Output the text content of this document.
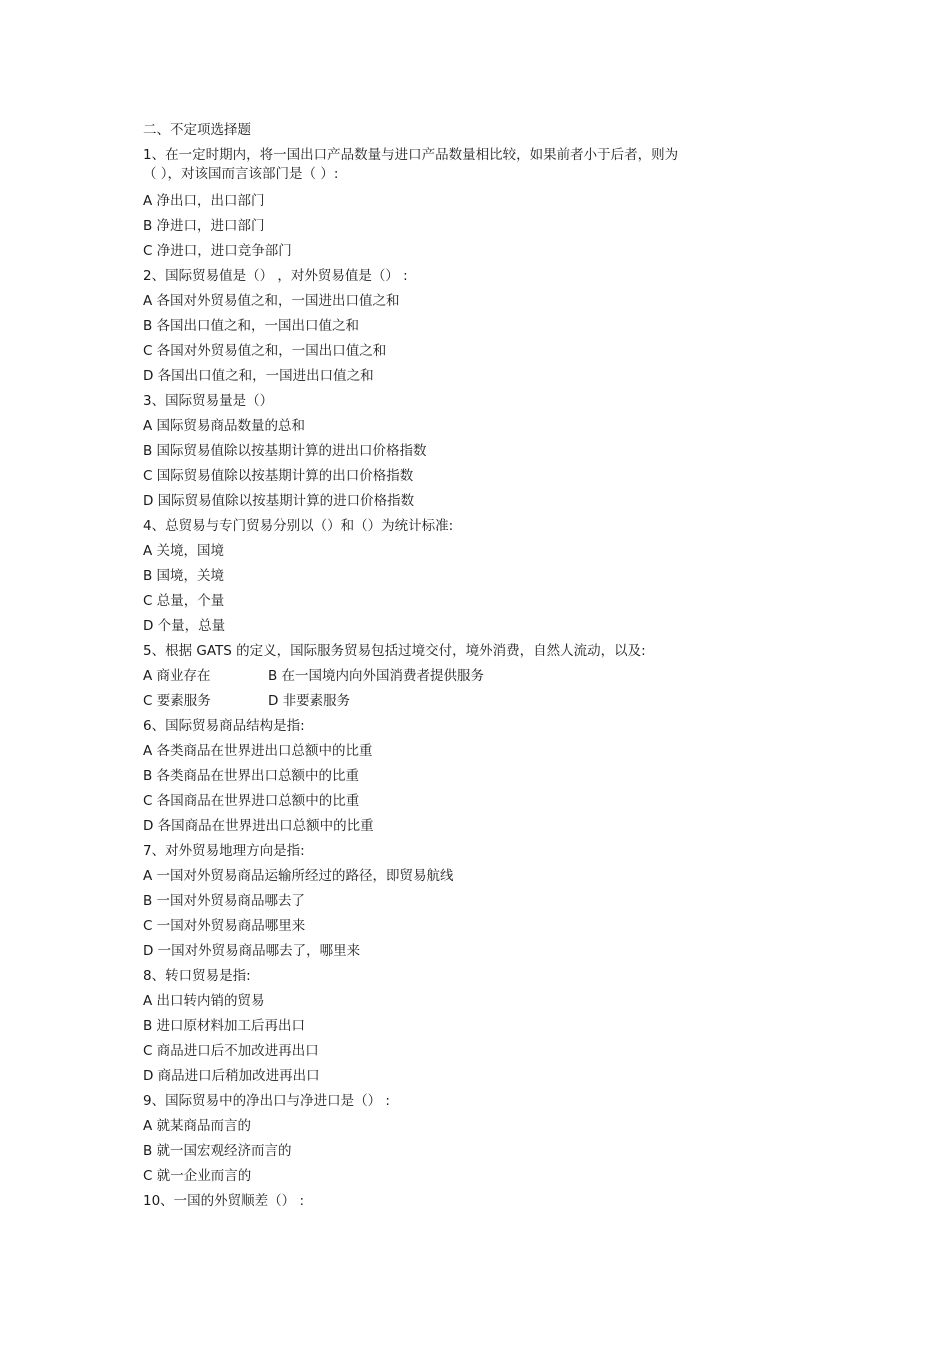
二、不定项选择题

1、在一定时期内，将一国出口产品数量与进口产品数量相比较，如果前者小于后者，则为

（ ），对该国而言该部门是（ ）:

A 净出口，出口部门

B 净进口，进口部门

C 净进口，进口竞争部门

2、国际贸易值是（） ，对外贸易值是（） :

A 各国对外贸易值之和，一国进出口值之和

B 各国出口值之和，一国出口值之和

C 各国对外贸易值之和，一国出口值之和

D 各国出口值之和，一国进出口值之和

3、国际贸易量是（）

A 国际贸易商品数量的总和

B 国际贸易值除以按基期计算的进出口价格指数

C 国际贸易值除以按基期计算的出口价格指数

D 国际贸易值除以按基期计算的进口价格指数

4、总贸易与专门贸易分别以（）和（）为统计标准:

A 关境，国境

B 国境，关境

C 总量，个量

D 个量，总量

5、根据 GATS 的定义，国际服务贸易包括过境交付，境外消费，自然人流动，以及:

A 商业存在	B 在一国境内向外国消费者提供服务
C 要素服务	D 非要素服务

6、国际贸易商品结构是指:

A 各类商品在世界进出口总额中的比重

B 各类商品在世界出口总额中的比重

C 各国商品在世界进口总额中的比重

D 各国商品在世界进出口总额中的比重

7、对外贸易地理方向是指:

A 一国对外贸易商品运输所经过的路径，即贸易航线

B 一国对外贸易商品哪去了

C 一国对外贸易商品哪里来

D 一国对外贸易商品哪去了，哪里来

8、转口贸易是指:

A 出口转内销的贸易

B 进口原材料加工后再出口

C 商品进口后不加改进再出口

D 商品进口后稍加改进再出口

9、国际贸易中的净出口与净进口是（） :

A 就某商品而言的

B 就一国宏观经济而言的

C 就一企业而言的

10、一国的外贸顺差（） :
